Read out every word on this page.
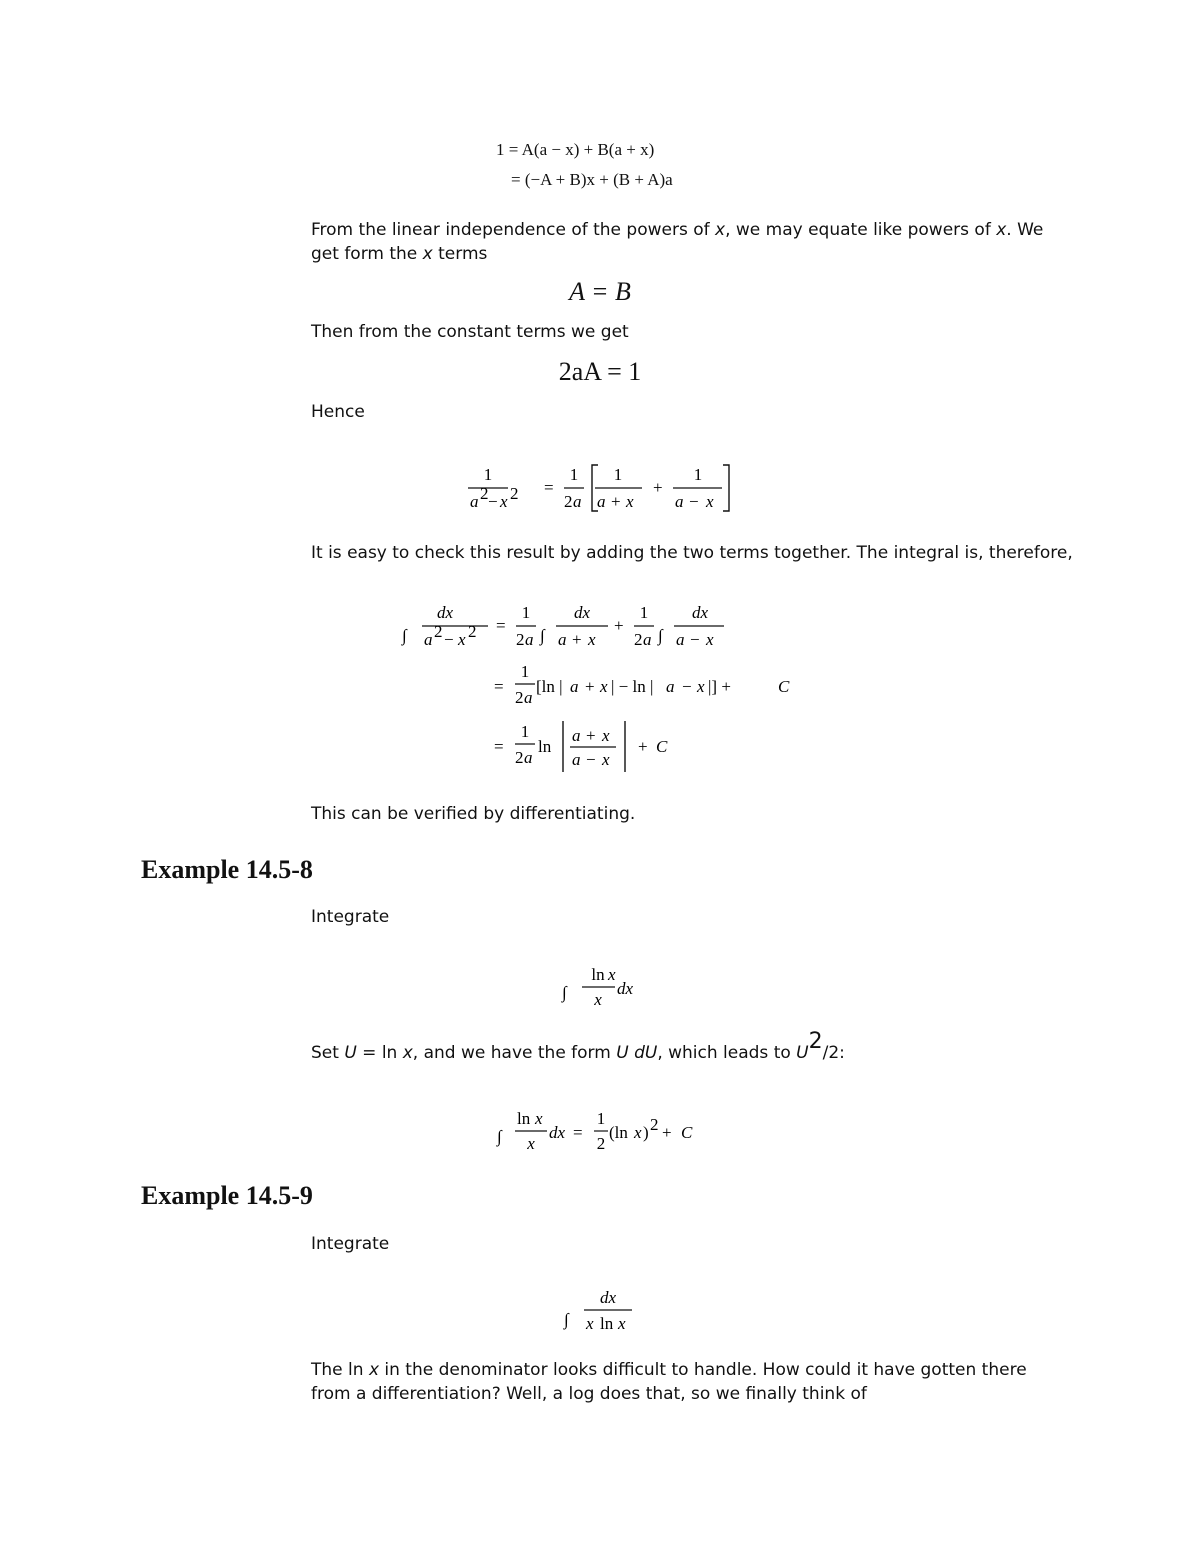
1 = A(a − x) + B(a + x)
= (−A + B)x + (B + A)a
From the linear independence of the powers of x, we may equate like powers of x. We
get form the x terms
A = B
Then from the constant terms we get
2aA = 1
Hence
1
a 2 − x 2 =
1
2 a
1
a + x
+
1
a − x
It is easy to check this result by adding the two terms together. The integral is, therefore,
∫
dx
a 2 − x 2 =
1
2 a ∫
dx
a + x
+
1
2 a ∫
dx
a − x
=
1
2 a
[ln | a + x | − ln | a − x |] +	C
=
1
2 a
ln
a + x
a − x
+ C
This can be verified by differentiating.
Example 14.5-8
Integrate
∫
ln x
x
dx
Set U = ln x, and we have the form U dU, which leads to U2/2:
∫
ln x
x
dx =
1
2
(ln x ) 2 + C
Example 14.5-9
Integrate
∫
dx
x ln x
The ln x in the denominator looks difficult to handle. How could it have gotten there
from a differentiation? Well, a log does that, so we finally think of
